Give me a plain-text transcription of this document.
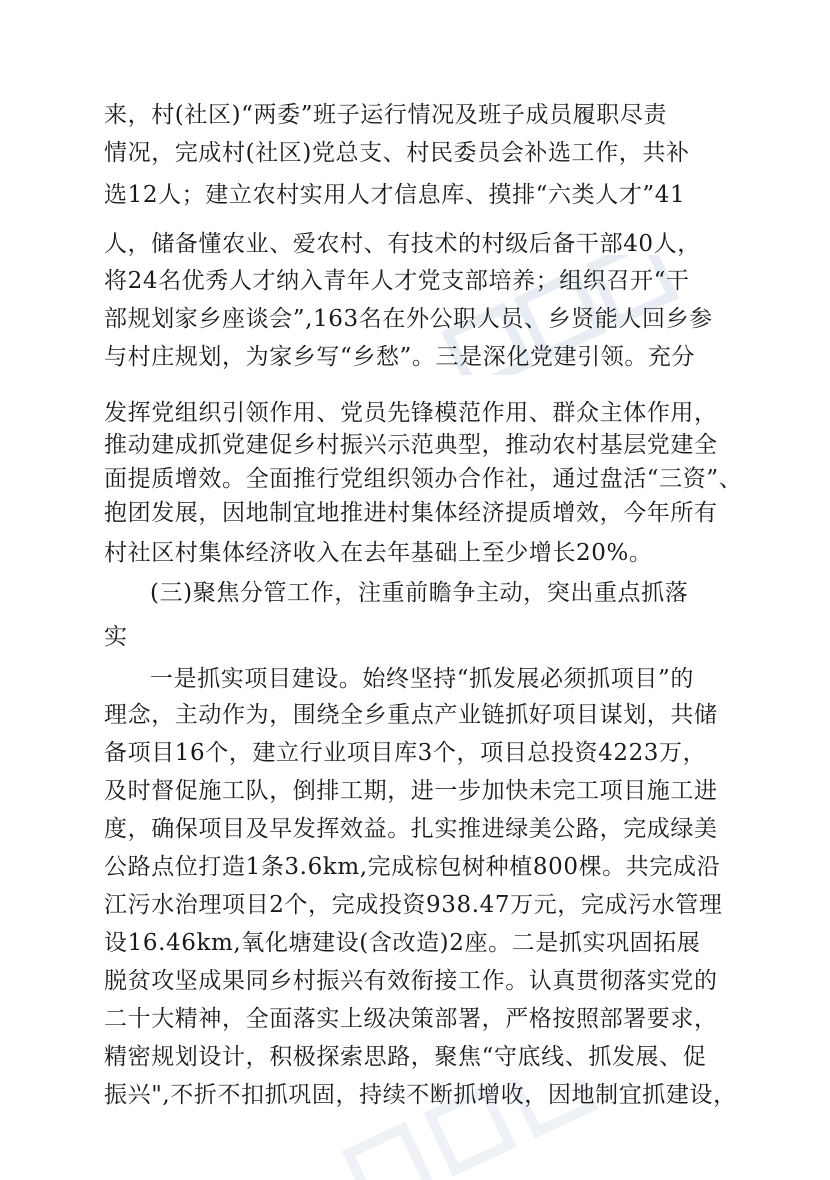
来，村(社区)“两委”班子运行情况及班子成员履职尽责
情况，完成村(社区)党总支、村民委员会补选工作，共补
选12人；建立农村实用人才信息库、摸排“六类人才”41
人，储备懂农业、爱农村、有技术的村级后备干部40人，
将24名优秀人才纳入青年人才党支部培养；组织召开“干
部规划家乡座谈会”,163名在外公职人员、乡贤能人回乡参
与村庄规划，为家乡写“乡愁”。三是深化党建引领。充分
发挥党组织引领作用、党员先锋模范作用、群众主体作用，
推动建成抓党建促乡村振兴示范典型，推动农村基层党建全
面提质增效。全面推行党组织领办合作社，通过盘活“三资”、
抱团发展，因地制宜地推进村集体经济提质增效，今年所有
村社区村集体经济收入在去年基础上至少增长20%。
(三)聚焦分管工作，注重前瞻争主动，突出重点抓落
实
一是抓实项目建设。始终坚持“抓发展必须抓项目”的
理念，主动作为，围绕全乡重点产业链抓好项目谋划，共储
备项目16个，建立行业项目库3个，项目总投资4223万，
及时督促施工队，倒排工期，进一步加快未完工项目施工进
度，确保项目及早发挥效益。扎实推进绿美公路，完成绿美
公路点位打造1条3.6km,完成棕包树种植800棵。共完成沿
江污水治理项目2个，完成投资938.47万元，完成污水管理
设16.46km,氧化塘建设(含改造)2座。二是抓实巩固拓展
脱贫攻坚成果同乡村振兴有效衔接工作。认真贯彻落实党的
二十大精神，全面落实上级决策部署，严格按照部署要求，
精密规划设计，积极探索思路，聚焦“守底线、抓发展、促
振兴",不折不扣抓巩固，持续不断抓增收，因地制宜抓建设，
